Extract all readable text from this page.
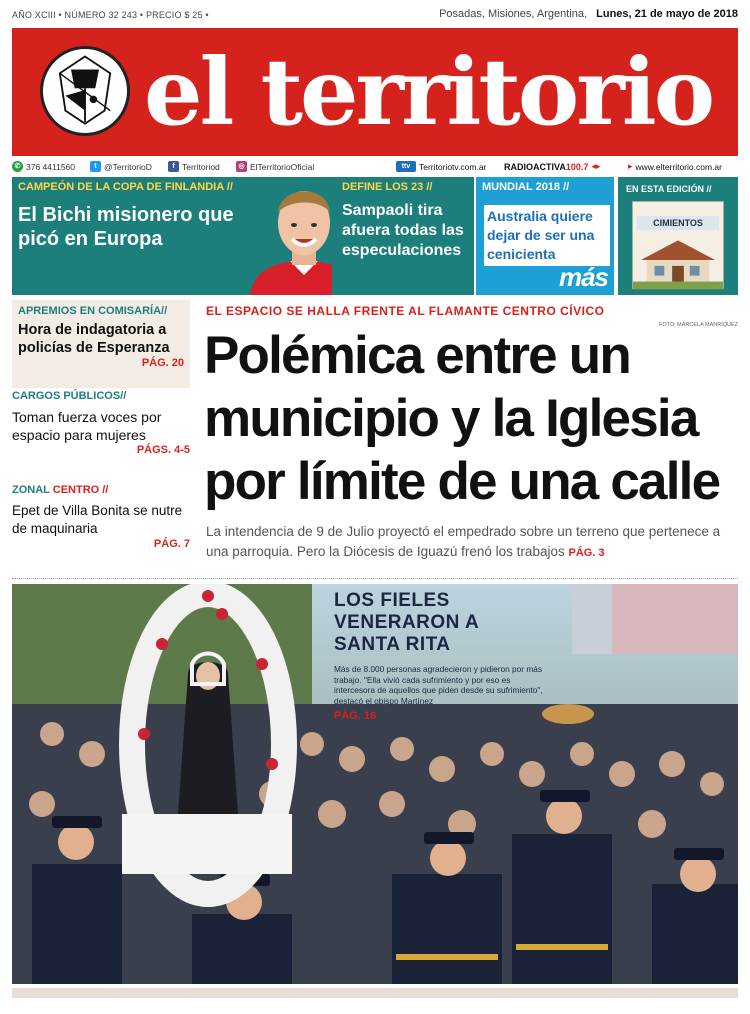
AÑO XCIII • NÚMERO 32 243 • PRECIO $ 25 •	Posadas, Misiones, Argentina, Lunes, 21 de mayo de 2018
el territorio
✆ 376 4411560	t @TerritorioD	f Territoriod	◎ ElTerritorioOficial	ttv	Territoriotv.com.ar RADIOACTIVA100.7 ◂▸	▸ www.elterritorio.com.ar
CAMPEÓN DE LA COPA DE FINLANDIA //
El Bichi misionero que picó en Europa
DEFINE LOS 23 //
Sampaoli tira afuera todas las especulaciones
MUNDIAL 2018 //
Australia quiere dejar de ser una cenicienta
más
EN ESTA EDICIÓN //
CIMIENTOS
APREMIOS EN COMISARÍA//
Hora de indagatoria a policías de Esperanza
PÁG. 20
CARGOS PÚBLICOS//
Toman fuerza voces por espacio para mujeres
PÁGS. 4-5
ZONAL CENTRO //
Epet de Villa Bonita se nutre de maquinaria
PÁG. 7
EL ESPACIO SE HALLA FRENTE AL FLAMANTE CENTRO CÍVICO
FOTO: MARCELA MANRIQUEZ
Polémica entre un municipio y la Iglesia por límite de una calle
La intendencia de 9 de Julio proyectó el empedrado sobre un terreno que pertenece a una parroquia. Pero la Diócesis de Iguazú frenó los trabajos PÁG. 3
LOS FIELES VENERARON A SANTA RITA
Más de 8.000 personas agradecieron y pidieron por más trabajo. "Ella vivió cada sufrimiento y por eso es intercesora de aquellos que piden desde su sufrimiento", destacó el obispo Martínez
PÁG. 16
